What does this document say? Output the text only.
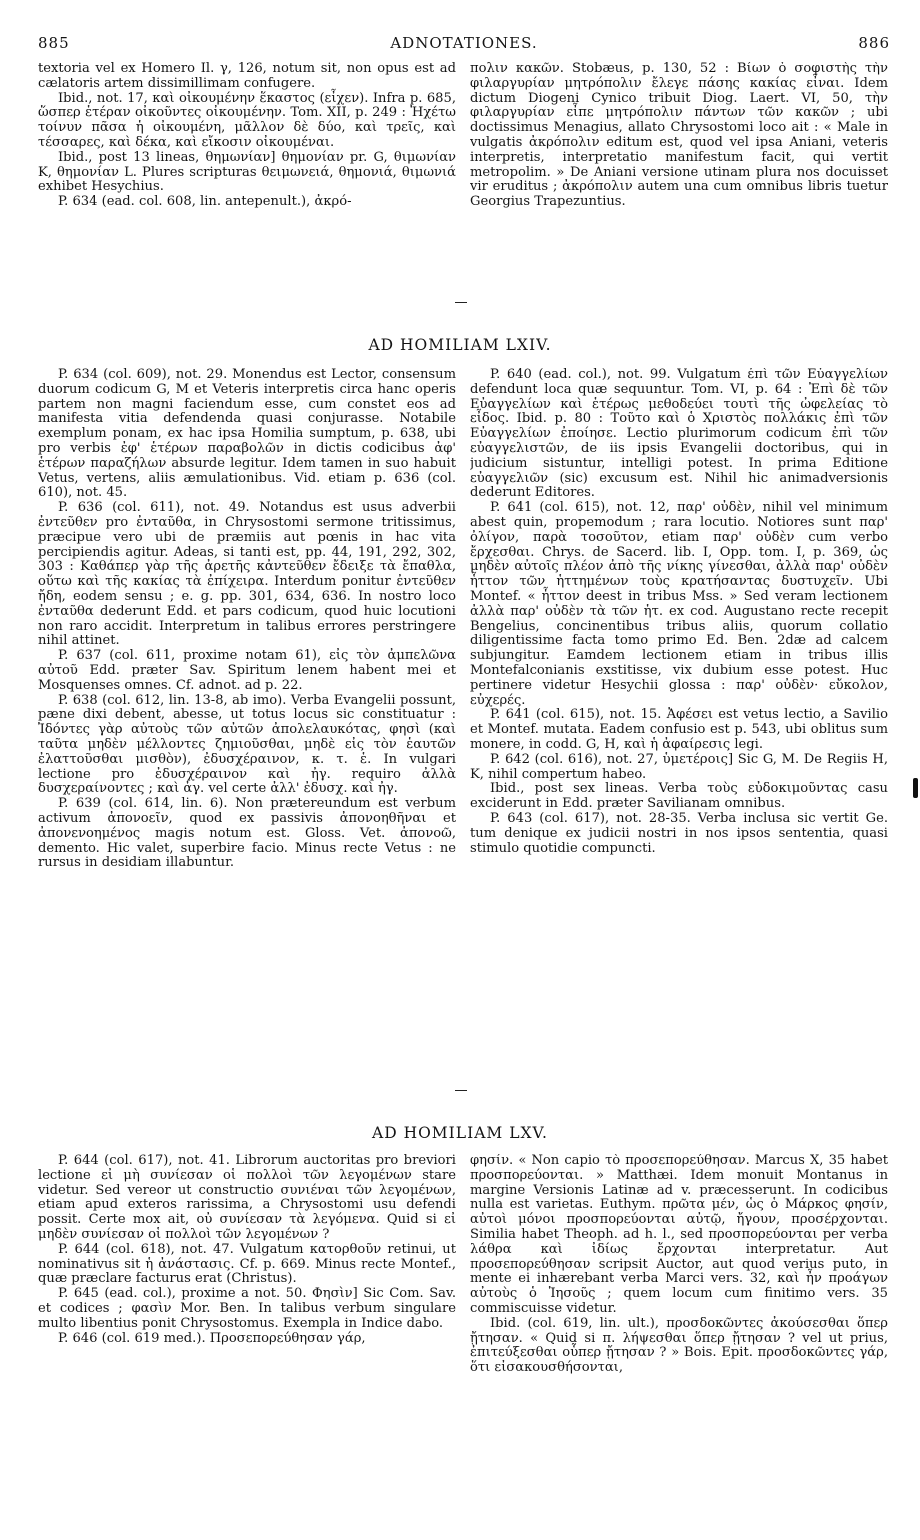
885	ADNOTATIONES.	886

textoria vel ex Homero Il. γ, 126, notum sit, non opus est ad cælatoris artem dissimillimam confugere.

Ibid., not. 17, καὶ οἰκουμένην ἕκαστος (εἶχεν). Infra p. 685, ὥσπερ ἑτέραν οἰκοῦντες οἰκουμένην. Tom. XII, p. 249 : Ἠχέτω τοίνυν πᾶσα ἡ οἰκουμένη, μᾶλλον δὲ δύο, καὶ τρεῖς, καὶ τέσσαρες, καὶ δέκα, καὶ εἴκοσιν οἰκουμέναι.

Ibid., post 13 lineas, θημωνίαν] θημονίαν pr. G, θιμωνίαν K, θημονίαν L. Plures scripturas θειμωνειά, θημονιά, θιμωνιά exhibet Hesychius.

P. 634 (ead. col. 608, lin. antepenult.), ἀκρό-

πολιν κακῶν. Stobæus, p. 130, 52 : Βίων ὁ σοφιστὴς τὴν φιλαργυρίαν μητρόπολιν ἔλεγε πάσης κακίας εἶναι. Idem dictum Diogeni Cynico tribuit Diog. Laert. VI, 50, τὴν φιλαργυρίαν εἶπε μητρόπολιν πάντων τῶν κακῶν ; ubi doctissimus Menagius, allato Chrysostomi loco ait : « Male in vulgatis ἀκρόπολιν editum est, quod vel ipsa Aniani, veteris interpretis, interpretatio manifestum facit, qui vertit metropolim. » De Aniani versione utinam plura nos docuisset vir eruditus ; ἀκρόπολιν autem una cum omnibus libris tuetur Georgius Trapezuntius.

AD HOMILIAM LXIV.

P. 634 (col. 609), not. 29. Monendus est Lector, consensum duorum codicum G, M et Veteris interpretis circa hanc operis partem non magni faciendum esse, cum constet eos ad manifesta vitia defendenda quasi conjurasse. Notabile exemplum ponam, ex hac ipsa Homilia sumptum, p. 638, ubi pro verbis ἐφ' ἑτέρων παραβολῶν in dictis codicibus ἀφ' ἑτέρων παραζήλων absurde legitur. Idem tamen in suo habuit Vetus, vertens, aliis æmulationibus. Vid. etiam p. 636 (col. 610), not. 45.

P. 636 (col. 611), not. 49. Notandus est usus adverbii ἐντεῦθεν pro ἐνταῦθα, in Chrysostomi sermone tritissimus, præcipue vero ubi de præmiis aut pœnis in hac vita percipiendis agitur. Adeas, si tanti est, pp. 44, 191, 292, 302, 303 : Καθάπερ γὰρ τῆς ἀρετῆς κἀντεῦθεν ἔδειξε τὰ ἔπαθλα, οὕτω καὶ τῆς κακίας τὰ ἐπίχειρα. Interdum ponitur ἐντεῦθεν ἤδη, eodem sensu ; e. g. pp. 301, 634, 636. In nostro loco ἐνταῦθα dederunt Edd. et pars codicum, quod huic locutioni non raro accidit. Interpretum in talibus errores perstringere nihil attinet.

P. 637 (col. 611, proxime notam 61), εἰς τὸν ἀμπελῶνα αὐτοῦ Edd. præter Sav. Spiritum lenem habent mei et Mosquenses omnes. Cf. adnot. ad p. 22.

P. 638 (col. 612, lin. 13-8, ab imo). Verba Evangelii possunt, pæne dixi debent, abesse, ut totus locus sic constituatur : Ἰδόντες γὰρ αὐτοὺς τῶν αὐτῶν ἀπολελαυκότας, φησὶ (καὶ ταῦτα μηδὲν μέλλοντες ζημιοῦσθαι, μηδὲ εἰς τὸν ἑαυτῶν ἐλαττοῦσθαι μισθὸν), ἐδυσχέραινον, κ. τ. ἑ. In vulgari lectione pro ἐδυσχέραινον καὶ ἠγ. requiro ἀλλὰ δυσχεραίνοντες ; καὶ ἀγ. vel certe ἀλλ' ἐδυσχ. καὶ ἠγ.

P. 639 (col. 614, lin. 6). Non prætereundum est verbum activum ἀπονοεῖν, quod ex passivis ἀπονοηθῆναι et ἀπονενοημένος magis notum est. Gloss. Vet. ἀπονοῶ, demento. Hic valet, superbire facio. Minus recte Vetus : ne rursus in desidiam illabuntur.

P. 640 (ead. col.), not. 99. Vulgatum ἐπὶ τῶν Εὐαγγελίων defendunt loca quæ sequuntur. Tom. VI, p. 64 : Ἐπὶ δὲ τῶν Εὐαγγελίων καὶ ἑτέρως μεθοδεύει τουτὶ τῆς ὠφελείας τὸ εἶδος. Ibid. p. 80 : Τοῦτο καὶ ὁ Χριστὸς πολλάκις ἐπὶ τῶν Εὐαγγελίων ἐποίησε. Lectio plurimorum codicum ἐπὶ τῶν εὐαγγελιστῶν, de iis ipsis Evangelii doctoribus, qui in judicium sistuntur, intelligi potest. In prima Editione εὐαγγελιῶν (sic) excusum est. Nihil hic animadversionis dederunt Editores.

P. 641 (col. 615), not. 12, παρ' οὐδὲν, nihil vel minimum abest quin, propemodum ; rara locutio. Notiores sunt παρ' ὀλίγον, παρὰ τοσοῦτον, etiam παρ' οὐδὲν cum verbo ἔρχεσθαι. Chrys. de Sacerd. lib. I, Opp. tom. I, p. 369, ὡς μηδὲν αὐτοῖς πλέον ἀπὸ τῆς νίκης γίνεσθαι, ἀλλὰ παρ' οὐδὲν ἧττον τῶν ἡττημένων τοὺς κρατήσαντας δυστυχεῖν. Ubi Montef. « ἧττον deest in tribus Mss. » Sed veram lectionem ἀλλὰ παρ' οὐδὲν τὰ τῶν ἡτ. ex cod. Augustano recte recepit Bengelius, concinentibus tribus aliis, quorum collatio diligentissime facta tomo primo Ed. Ben. 2dæ ad calcem subjungitur. Eamdem lectionem etiam in tribus illis Montefalconianis exstitisse, vix dubium esse potest. Huc pertinere videtur Hesychii glossa : παρ' οὐδὲν· εὔκολον, εὐχερές.

P. 641 (col. 615), not. 15. Ἀφέσει est vetus lectio, a Savilio et Montef. mutata. Eadem confusio est p. 543, ubi oblitus sum monere, in codd. G, H, καὶ ἡ ἀφαίρεσις legi.

P. 642 (col. 616), not. 27, ὑμετέροις] Sic G, M. De Regiis H, K, nihil compertum habeo.

Ibid., post sex lineas. Verba τοὺς εὐδοκιμοῦντας casu exciderunt in Edd. præter Savilianam omnibus.

P. 643 (col. 617), not. 28-35. Verba inclusa sic vertit Ge. tum denique ex judicii nostri in nos ipsos sententia, quasi stimulo quotidie compuncti.

AD HOMILIAM LXV.

P. 644 (col. 617), not. 41. Librorum auctoritas pro breviori lectione εἰ μὴ συνίεσαν οἱ πολλοὶ τῶν λεγομένων stare videtur. Sed vereor ut constructio συνιέναι τῶν λεγομένων, etiam apud exteros rarissima, a Chrysostomi usu defendi possit. Certe mox ait, οὐ συνίεσαν τὰ λεγόμενα. Quid si εἰ μηδὲν συνίεσαν οἱ πολλοὶ τῶν λεγομένων ?

P. 644 (col. 618), not. 47. Vulgatum κατορθοῦν retinui, ut nominativus sit ἡ ἀνάστασις. Cf. p. 669. Minus recte Montef., quæ præclare facturus erat (Christus).

P. 645 (ead. col.), proxime a not. 50. Φησὶν] Sic Com. Sav. et codices ; φασὶν Mor. Ben. In talibus verbum singulare multo libentius ponit Chrysostomus. Exempla in Indice dabo.

P. 646 (col. 619 med.). Προσεπορεύθησαν γάρ,

φησίν. « Non capio τὸ προσεπορεύθησαν. Marcus X, 35 habet προσπορεύονται. » Matthæi. Idem monuit Montanus in margine Versionis Latinæ ad v. præcesserunt. In codicibus nulla est varietas. Euthym. πρῶτα μέν, ὡς ὁ Μάρκος φησίν, αὐτοὶ μόνοι προσπορεύονται αὐτῷ, ἤγουν, προσέρχονται. Similia habet Theoph. ad h. l., sed προσπορεύονται per verba λάθρα καὶ ἰδίως ἔρχονται interpretatur. Aut προσεπορεύθησαν scripsit Auctor, aut quod verius puto, in mente ei inhærebant verba Marci vers. 32, καὶ ἦν προάγων αὐτοὺς ὁ Ἰησοῦς ; quem locum cum finitimo vers. 35 commiscuisse videtur.

Ibid. (col. 619, lin. ult.), προσδοκῶντες ἀκούσεσθαι ὅπερ ᾔτησαν. « Quid si π. λήψεσθαι ὅπερ ᾔτησαν ? vel ut prius, ἐπιτεύξεσθαι οὗπερ ᾔτησαν ? » Bois. Epit. προσδοκῶντες γάρ, ὅτι εἰσακουσθήσονται,
